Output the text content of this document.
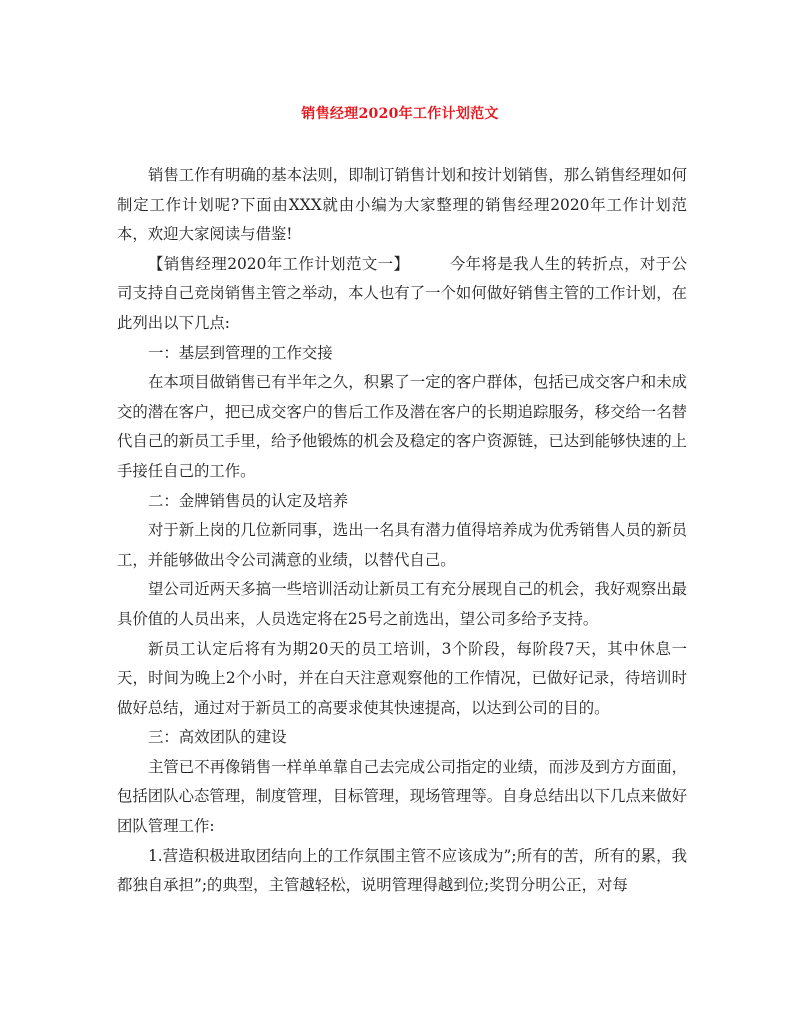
销售经理2020年工作计划范文

销售工作有明确的基本法则，即制订销售计划和按计划销售，那么销售经理如何制定工作计划呢?下面由XXX就由小编为大家整理的销售经理2020年工作计划范本，欢迎大家阅读与借鉴!

【销售经理2020年工作计划范文一】	今年将是我人生的转折点，对于公司支持自己竞岗销售主管之举动，本人也有了一个如何做好销售主管的工作计划，在此列出以下几点:

一：基层到管理的工作交接

在本项目做销售已有半年之久，积累了一定的客户群体，包括已成交客户和未成交的潜在客户，把已成交客户的售后工作及潜在客户的长期追踪服务，移交给一名替代自己的新员工手里，给予他锻炼的机会及稳定的客户资源链，已达到能够快速的上手接任自己的工作。

二：金牌销售员的认定及培养

对于新上岗的几位新同事，选出一名具有潜力值得培养成为优秀销售人员的新员工，并能够做出令公司满意的业绩，以替代自己。

望公司近两天多搞一些培训活动让新员工有充分展现自己的机会，我好观察出最具价值的人员出来，人员选定将在25号之前选出，望公司多给予支持。

新员工认定后将有为期20天的员工培训，3个阶段，每阶段7天，其中休息一天，时间为晚上2个小时，并在白天注意观察他的工作情况，已做好记录，待培训时做好总结，通过对于新员工的高要求使其快速提高，以达到公司的目的。

三：高效团队的建设

主管已不再像销售一样单单靠自己去完成公司指定的业绩，而涉及到方方面面，包括团队心态管理，制度管理，目标管理，现场管理等。自身总结出以下几点来做好团队管理工作:

1.营造积极进取团结向上的工作氛围主管不应该成为”;所有的苦，所有的累，我都独自承担”;的典型，主管越轻松，说明管理得越到位;奖罚分明公正，对每
